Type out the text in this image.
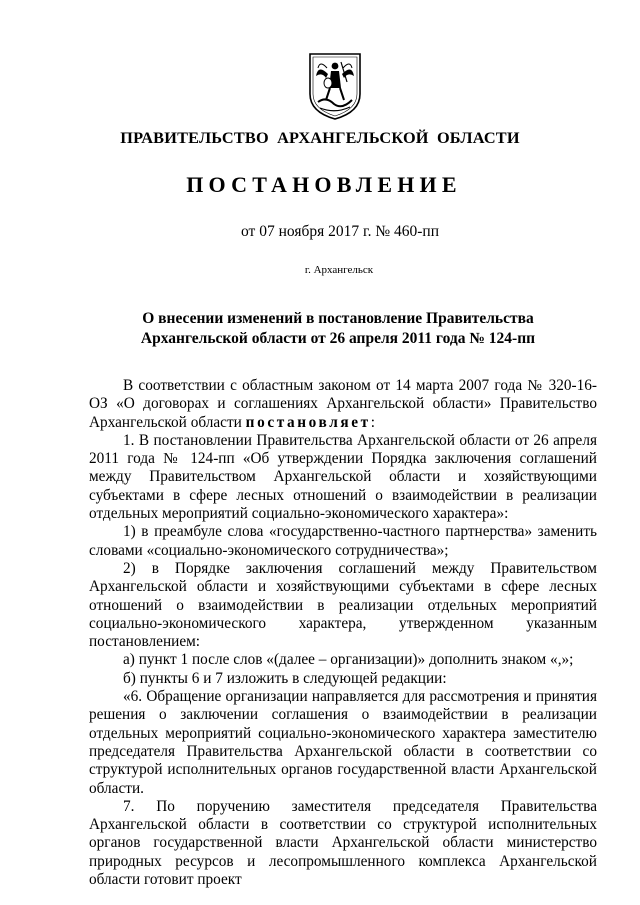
ПРАВИТЕЛЬСТВО АРХАНГЕЛЬСКОЙ ОБЛАСТИ
ПОСТАНОВЛЕНИЕ
от 07 ноября 2017 г. № 460-пп
г. Архангельск
О внесении изменений в постановление Правительства
Архангельской области от 26 апреля 2011 года № 124-пп

В соответствии с областным законом от 14 марта 2007 года № 320-16-ОЗ «О договорах и соглашениях Архангельской области» Правительство Архангельской области постановляет:

1. В постановлении Правительства Архангельской области от 26 апреля 2011 года № 124-пп «Об утверждении Порядка заключения соглашений между Правительством Архангельской области и хозяйствующими субъектами в сфере лесных отношений о взаимодействии в реализации отдельных мероприятий социально-экономического характера»:

1) в преамбуле слова «государственно-частного партнерства» заменить словами «социально-экономического сотрудничества»;

2) в Порядке заключения соглашений между Правительством Архангельской области и хозяйствующими субъектами в сфере лесных отношений о взаимодействии в реализации отдельных мероприятий социально-экономического характера, утвержденном указанным постановлением:

а) пункт 1 после слов «(далее – организации)» дополнить знаком «,»;

б) пункты 6 и 7 изложить в следующей редакции:

«6. Обращение организации направляется для рассмотрения и принятия решения о заключении соглашения о взаимодействии в реализации отдельных мероприятий социально-экономического характера заместителю председателя Правительства Архангельской области в соответствии со структурой исполнительных органов государственной власти Архангельской области.

7. По поручению заместителя председателя Правительства Архангельской области в соответствии со структурой исполнительных органов государственной власти Архангельской области министерство природных ресурсов и лесопромышленного комплекса Архангельской области готовит проект
